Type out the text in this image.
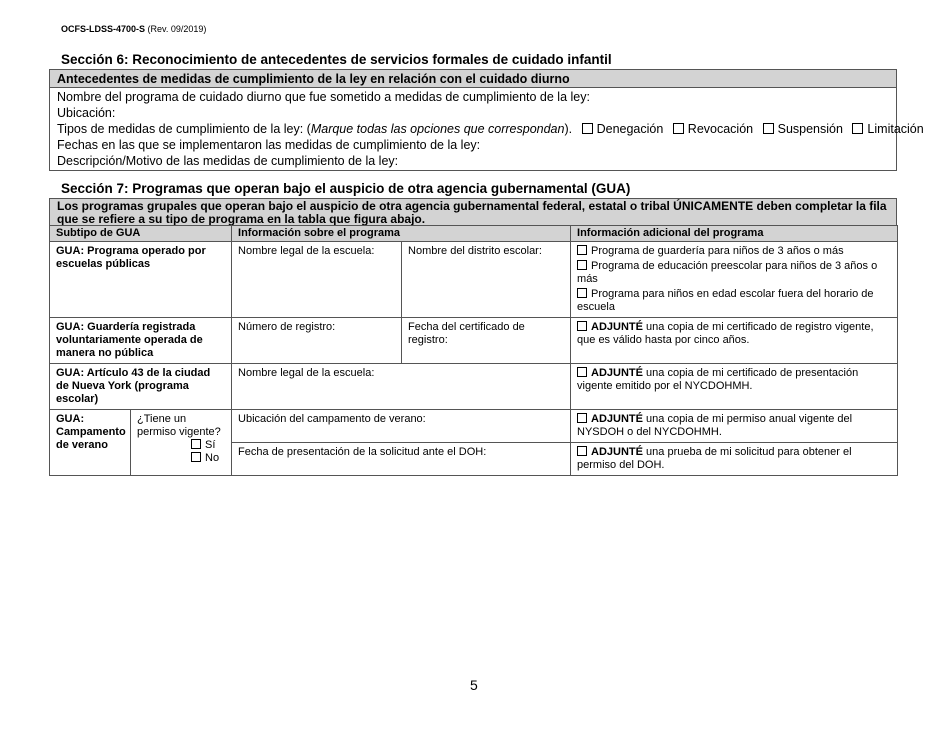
OCFS-LDSS-4700-S (Rev. 09/2019)
Sección 6: Reconocimiento de antecedentes de servicios formales de cuidado infantil
Antecedentes de medidas de cumplimiento de la ley en relación con el cuidado diurno
Nombre del programa de cuidado diurno que fue sometido a medidas de cumplimiento de la ley:
Ubicación:
Tipos de medidas de cumplimiento de la ley: (Marque todas las opciones que correspondan). Denegación Revocación Suspensión Limitación
Fechas en las que se implementaron las medidas de cumplimiento de la ley:
Descripción/Motivo de las medidas de cumplimiento de la ley:
Sección 7: Programas que operan bajo el auspicio de otra agencia gubernamental (GUA)
Los programas grupales que operan bajo el auspicio de otra agencia gubernamental federal, estatal o tribal ÚNICAMENTE deben completar la fila que se refiere a su tipo de programa en la tabla que figura abajo.
Subtipo de GUA		Información sobre el programa		Información adicional del programa
GUA: Programa operado por escuelas públicas		Nombre legal de la escuela:	Nombre del distrito escolar:	Programa de guardería para niños de 3 años o más
Programa de educación preescolar para niños de 3 años o más
Programa para niños en edad escolar fuera del horario de escuela

GUA: Guardería registrada voluntariamente operada de manera no pública		Número de registro:	Fecha del certificado de registro:	ADJUNTÉ una copia de mi certificado de registro vigente, que es válido hasta por cinco años.
GUA: Artículo 43 de la ciudad de Nueva York (programa escolar)		Nombre legal de la escuela:		ADJUNTÉ una copia de mi certificado de presentación vigente emitido por el NYCDOHMH.
GUA: Campamento de verano	¿Tiene un permiso vigente?
Sí
No	Ubicación del campamento de verano:		ADJUNTÉ una copia de mi permiso anual vigente del NYSDOH o del NYCDOHMH.
		Fecha de presentación de la solicitud ante el DOH:		ADJUNTÉ una prueba de mi solicitud para obtener el permiso del DOH.
5
